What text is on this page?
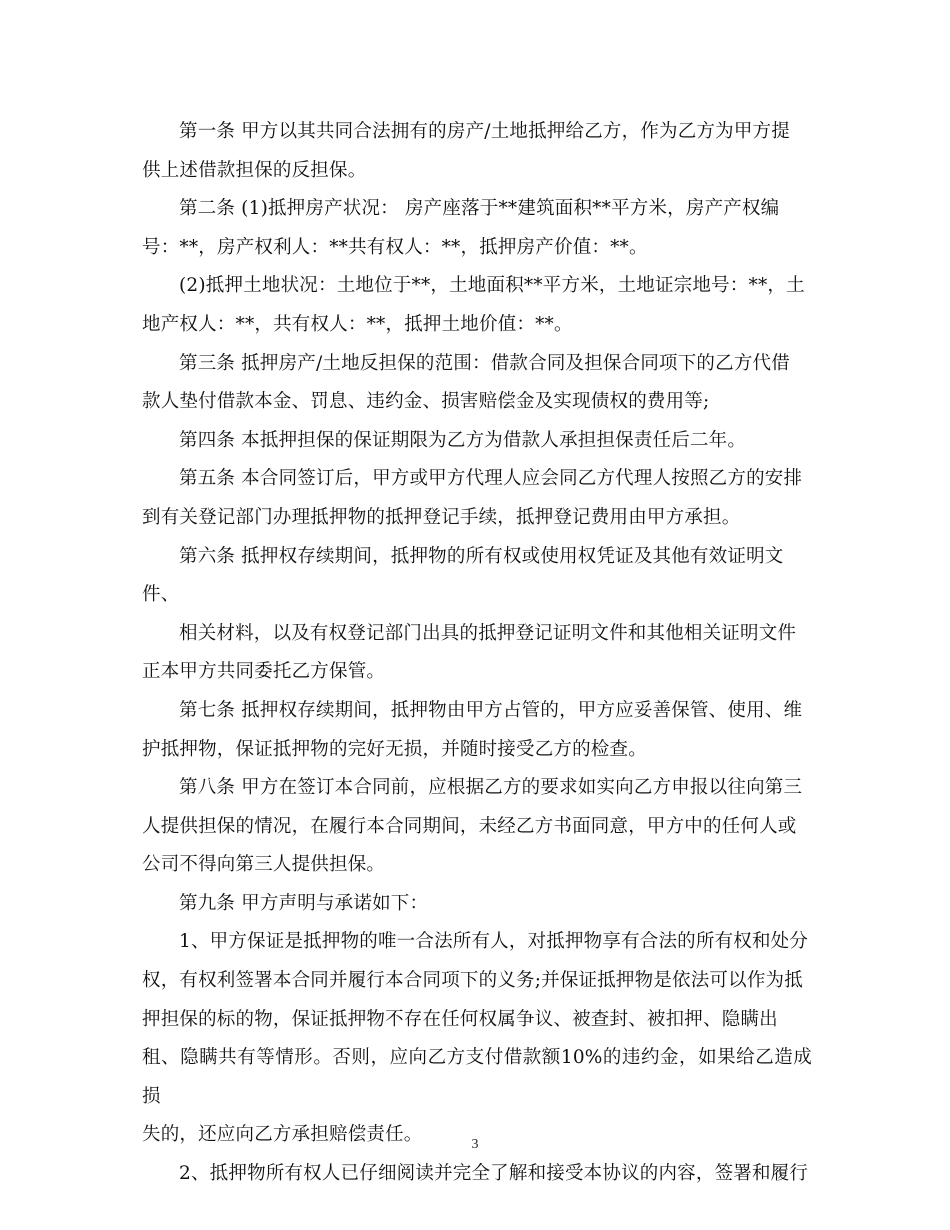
第一条 甲方以其共同合法拥有的房产/土地抵押给乙方，作为乙方为甲方提
供上述借款担保的反担保。

第二条 (1)抵押房产状况： 房产座落于**建筑面积**平方米，房产产权编
号：**，房产权利人：**共有权人：**，抵押房产价值：**。

(2)抵押土地状况：土地位于**，土地面积**平方米，土地证宗地号：**，土
地产权人：**，共有权人：**，抵押土地价值：**。

第三条 抵押房产/土地反担保的范围：借款合同及担保合同项下的乙方代借
款人垫付借款本金、罚息、违约金、损害赔偿金及实现债权的费用等;

第四条 本抵押担保的保证期限为乙方为借款人承担担保责任后二年。

第五条 本合同签订后，甲方或甲方代理人应会同乙方代理人按照乙方的安排
到有关登记部门办理抵押物的抵押登记手续，抵押登记费用由甲方承担。

第六条 抵押权存续期间，抵押物的所有权或使用权凭证及其他有效证明文
件、

相关材料，以及有权登记部门出具的抵押登记证明文件和其他相关证明文件
正本甲方共同委托乙方保管。

第七条 抵押权存续期间，抵押物由甲方占管的，甲方应妥善保管、使用、维
护抵押物，保证抵押物的完好无损，并随时接受乙方的检查。

第八条 甲方在签订本合同前，应根据乙方的要求如实向乙方申报以往向第三
人提供担保的情况，在履行本合同期间，未经乙方书面同意，甲方中的任何人或
公司不得向第三人提供担保。

第九条 甲方声明与承诺如下：

1、甲方保证是抵押物的唯一合法所有人，对抵押物享有合法的所有权和处分
权，有权利签署本合同并履行本合同项下的义务;并保证抵押物是依法可以作为抵
押担保的标的物，保证抵押物不存在任何权属争议、被查封、被扣押、隐瞒出
租、隐瞒共有等情形。否则，应向乙方支付借款额10%的违约金，如果给乙造成损
失的，还应向乙方承担赔偿责任。

2、抵押物所有权人已仔细阅读并完全了解和接受本协议的内容，签署和履行

3
